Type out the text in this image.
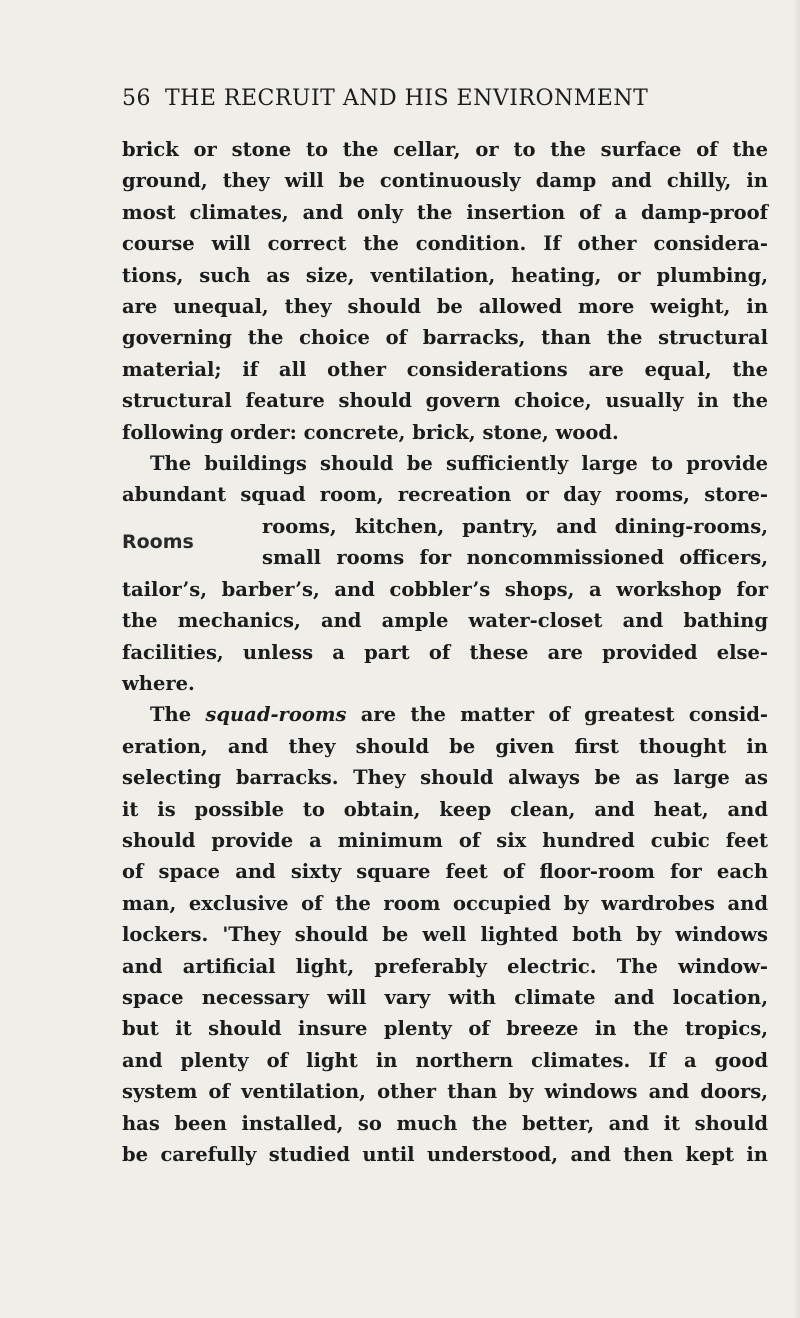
56 THE RECRUIT AND HIS ENVIRONMENT

brick or stone to the cellar, or to the surface of the
ground, they will be continuously damp and chilly, in
most climates, and only the insertion of a damp-proof
course will correct the condition. If other considera-
tions, such as size, ventilation, heating, or plumbing,
are unequal, they should be allowed more weight, in
governing the choice of barracks, than the structural
material; if all other considerations are equal, the
structural feature should govern choice, usually in the
following order: concrete, brick, stone, wood.

The buildings should be sufficiently large to provide
abundant squad room, recreation or day rooms, store-
Rooms
rooms, kitchen, pantry, and dining-rooms,
small rooms for noncommissioned officers,
tailor’s, barber’s, and cobbler’s shops, a workshop for
the mechanics, and ample water-closet and bathing
facilities, unless a part of these are provided else-
where.

The squad-rooms are the matter of greatest consid-
eration, and they should be given first thought in
selecting barracks. They should always be as large as
it is possible to obtain, keep clean, and heat, and
should provide a minimum of six hundred cubic feet
of space and sixty square feet of floor-room for each
man, exclusive of the room occupied by wardrobes and
lockers. 'They should be well lighted both by windows
and artificial light, preferably electric. The window-
space necessary will vary with climate and location,
but it should insure plenty of breeze in the tropics,
and plenty of light in northern climates. If a good
system of ventilation, other than by windows and doors,
has been installed, so much the better, and it should
be carefully studied until understood, and then kept in
